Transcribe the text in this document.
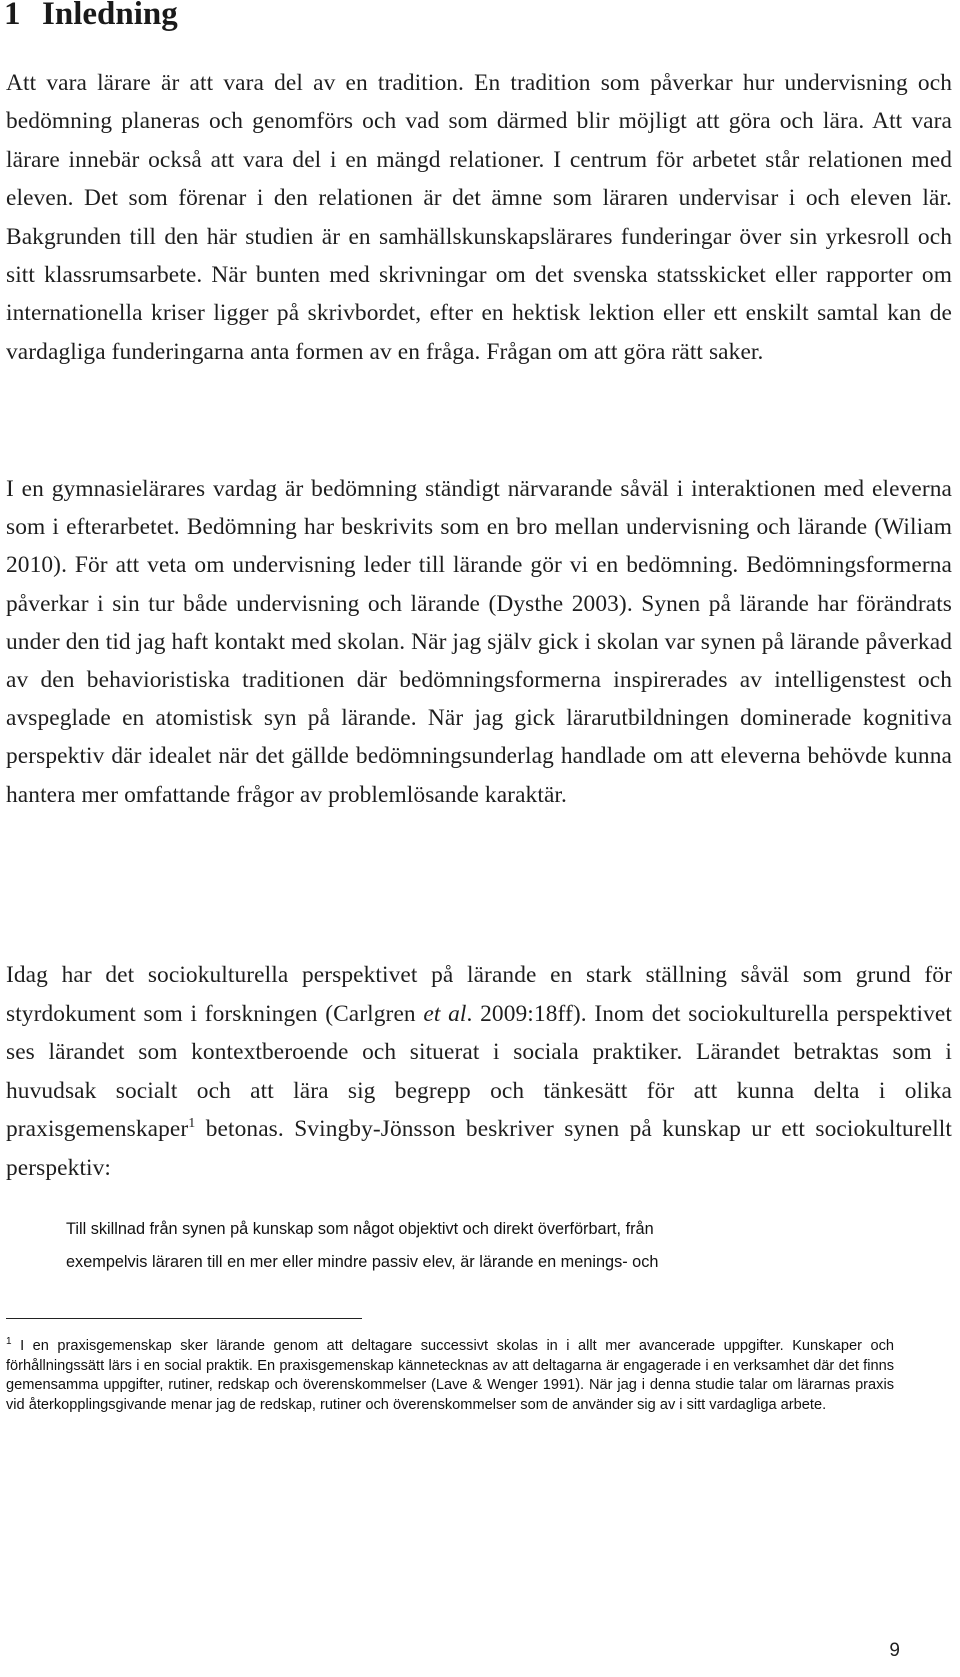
1 Inledning

Att vara lärare är att vara del av en tradition. En tradition som påverkar hur undervisning och bedömning planeras och genomförs och vad som därmed blir möjligt att göra och lära. Att vara lärare innebär också att vara del i en mängd relationer. I centrum för arbetet står relationen med eleven. Det som förenar i den relationen är det ämne som läraren undervisar i och eleven lär. Bakgrunden till den här studien är en samhällskunskapslärares funderingar över sin yrkesroll och sitt klassrumsarbete. När bunten med skrivningar om det svenska statsskicket eller rapporter om internationella kriser ligger på skrivbordet, efter en hektisk lektion eller ett enskilt samtal kan de vardagliga funderingarna anta formen av en fråga. Frågan om att göra rätt saker.

I en gymnasielärares vardag är bedömning ständigt närvarande såväl i interaktionen med eleverna som i efterarbetet. Bedömning har beskrivits som en bro mellan undervisning och lärande (Wiliam 2010). För att veta om undervisning leder till lärande gör vi en bedömning. Bedömningsformerna påverkar i sin tur både undervisning och lärande (Dysthe 2003). Synen på lärande har förändrats under den tid jag haft kontakt med skolan. När jag själv gick i skolan var synen på lärande påverkad av den behavioristiska traditionen där bedömningsformerna inspirerades av intelligenstest och avspeglade en atomistisk syn på lärande. När jag gick lärarutbildningen dominerade kognitiva perspektiv där idealet när det gällde bedömningsunderlag handlade om att eleverna behövde kunna hantera mer omfattande frågor av problemlösande karaktär.

Idag har det sociokulturella perspektivet på lärande en stark ställning såväl som grund för styrdokument som i forskningen (Carlgren et al. 2009:18ff). Inom det sociokulturella perspektivet ses lärandet som kontextberoende och situerat i sociala praktiker. Lärandet betraktas som i huvudsak socialt och att lära sig begrepp och tänkesätt för att kunna delta i olika praxisgemenskaper$^1$ betonas. Svingby-Jönsson beskriver synen på kunskap ur ett sociokulturellt perspektiv:

Till skillnad från synen på kunskap som något objektivt och direkt överförbart, från
exempelvis läraren till en mer eller mindre passiv elev, är lärande en menings- och

$^1$ I en praxisgemenskap sker lärande genom att deltagare successivt skolas in i allt mer avancerade uppgifter. Kunskaper och förhållningssätt lärs i en social praktik. En praxisgemenskap kännetecknas av att deltagarna är engagerade i en verksamhet där det finns gemensamma uppgifter, rutiner, redskap och överenskommelser (Lave & Wenger 1991). När jag i denna studie talar om lärarnas praxis vid återkopplingsgivande menar jag de redskap, rutiner och överenskommelser som de använder sig av i sitt vardagliga arbete.

9
